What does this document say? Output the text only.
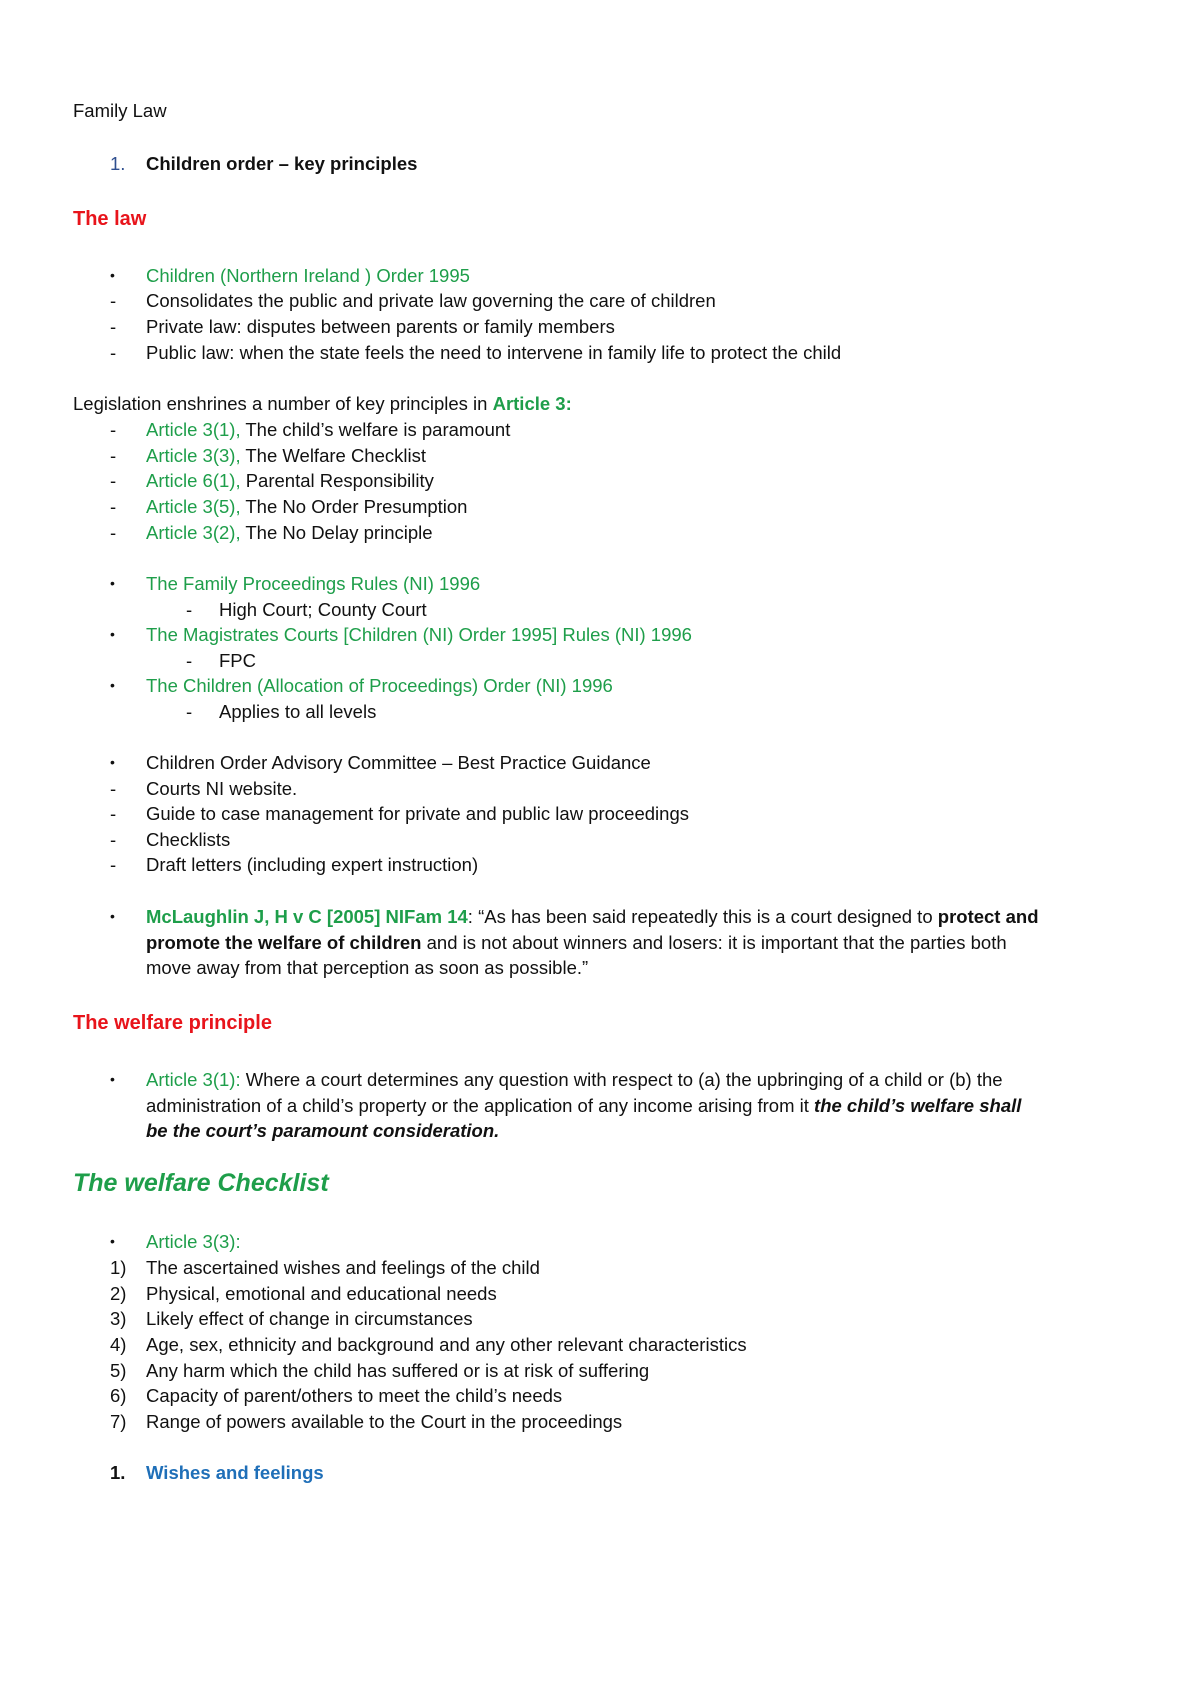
Family Law
1. Children order – key principles
The law
• Children (Northern Ireland ) Order 1995
- Consolidates the public and private law governing the care of children
- Private law: disputes between parents or family members
- Public law: when the state feels the need to intervene in family life to protect the child
Legislation enshrines a number of key principles in Article 3:
- Article 3(1), The child’s welfare is paramount
- Article 3(3), The Welfare Checklist
- Article 6(1), Parental Responsibility
- Article 3(5), The No Order Presumption
- Article 3(2), The No Delay principle
• The Family Proceedings Rules (NI) 1996
- High Court; County Court
• The Magistrates Courts [Children (NI) Order 1995] Rules (NI) 1996
- FPC
• The Children (Allocation of Proceedings) Order (NI) 1996
- Applies to all levels
• Children Order Advisory Committee – Best Practice Guidance
- Courts NI website.
- Guide to case management for private and public law proceedings
- Checklists
- Draft letters (including expert instruction)
• McLaughlin J, H v C [2005] NIFam 14: “As has been said repeatedly this is a court designed to protect and
promote the welfare of children and is not about winners and losers: it is important that the parties both
move away from that perception as soon as possible.”
The welfare principle
• Article 3(1): Where a court determines any question with respect to (a) the upbringing of a child or (b) the
administration of a child’s property or the application of any income arising from it the child’s welfare shall
be the court’s paramount consideration.
The welfare Checklist
• Article 3(3):
1) The ascertained wishes and feelings of the child
2) Physical, emotional and educational needs
3) Likely effect of change in circumstances
4) Age, sex, ethnicity and background and any other relevant characteristics
5) Any harm which the child has suffered or is at risk of suffering
6) Capacity of parent/others to meet the child’s needs
7) Range of powers available to the Court in the proceedings
1. Wishes and feelings
